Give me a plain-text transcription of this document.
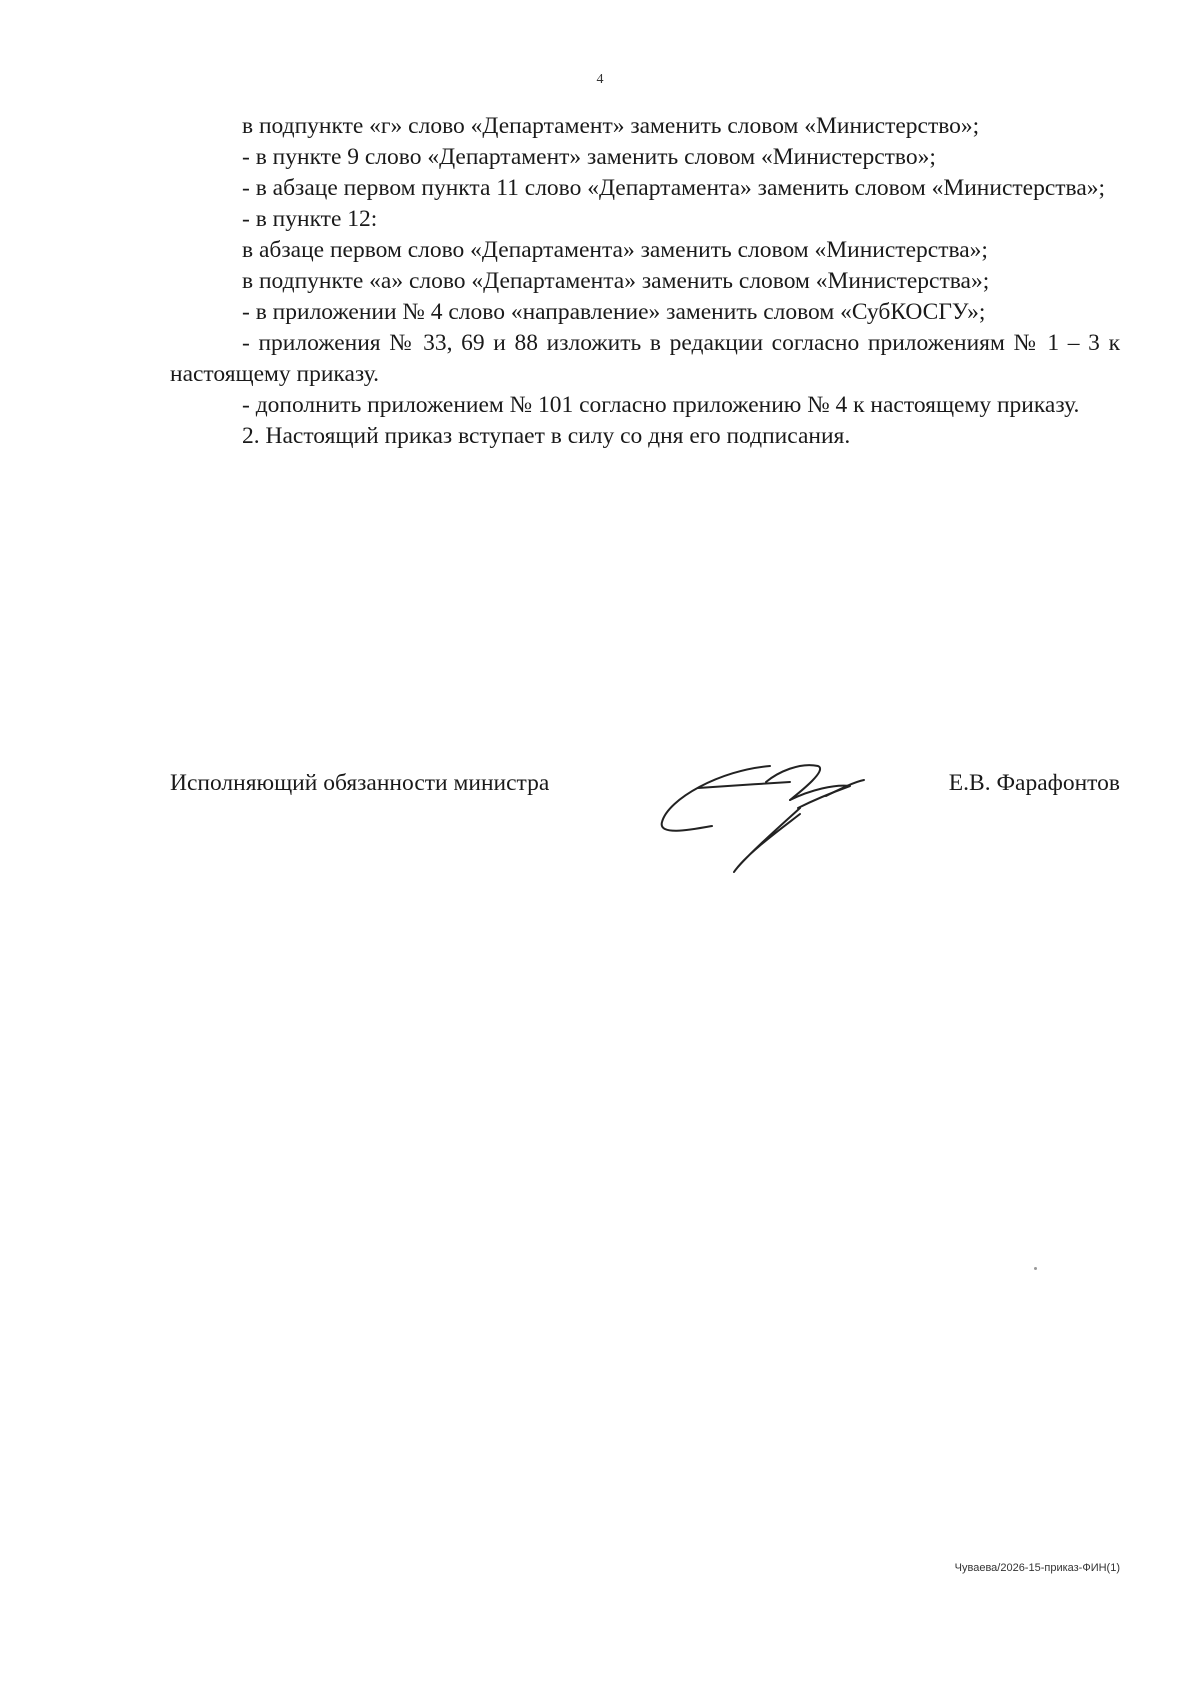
4

в подпункте «г» слово «Департамент» заменить словом «Министерство»;

- в пункте 9 слово «Департамент» заменить словом «Министерство»;

- в абзаце первом пункта 11 слово «Департамента» заменить словом «Министерства»;

- в пункте 12:

в абзаце первом слово «Департамента» заменить словом «Министерства»;

в подпункте «а» слово «Департамента» заменить словом «Министерства»;

- в приложении № 4 слово «направление» заменить словом «СубКОСГУ»;

- приложения № 33, 69 и 88 изложить в редакции согласно приложениям № 1 – 3 к настоящему приказу.

- дополнить приложением № 101 согласно приложению № 4 к настоящему приказу.

2. Настоящий приказ вступает в силу со дня его подписания.

Исполняющий обязанности министра	Е.В. Фарафонтов
Чуваева/2026-15-приказ-ФИН(1)
